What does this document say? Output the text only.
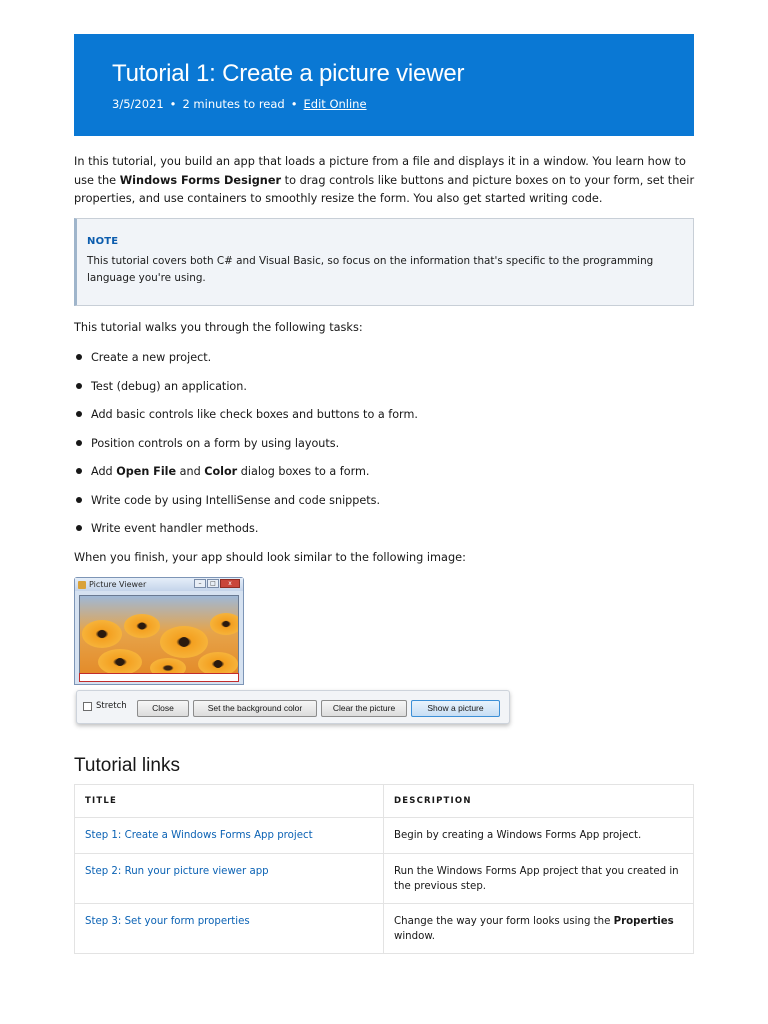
Tutorial 1: Create a picture viewer
3/5/2021 • 2 minutes to read • Edit Online

In this tutorial, you build an app that loads a picture from a file and displays it in a window. You learn how to use the Windows Forms Designer to drag controls like buttons and picture boxes on to your form, set their properties, and use containers to smoothly resize the form. You also get started writing code.

NOTE
This tutorial covers both C# and Visual Basic, so focus on the information that's specific to the programming language you're using.

This tutorial walks you through the following tasks:

Create a new project.
Test (debug) an application.
Add basic controls like check boxes and buttons to a form.
Position controls on a form by using layouts.
Add Open File and Color dialog boxes to a form.
Write code by using IntelliSense and code snippets.
Write event handler methods.

When you finish, your app should look similar to the following image:

Picture Viewer	–	□	x
Stretch	Close	Set the background color	Clear the picture	Show a picture
Tutorial links
TITLE	DESCRIPTION
Step 1: Create a Windows Forms App project	Begin by creating a Windows Forms App project.
Step 2: Run your picture viewer app	Run the Windows Forms App project that you created in the previous step.
Step 3: Set your form properties	Change the way your form looks using the Properties window.
